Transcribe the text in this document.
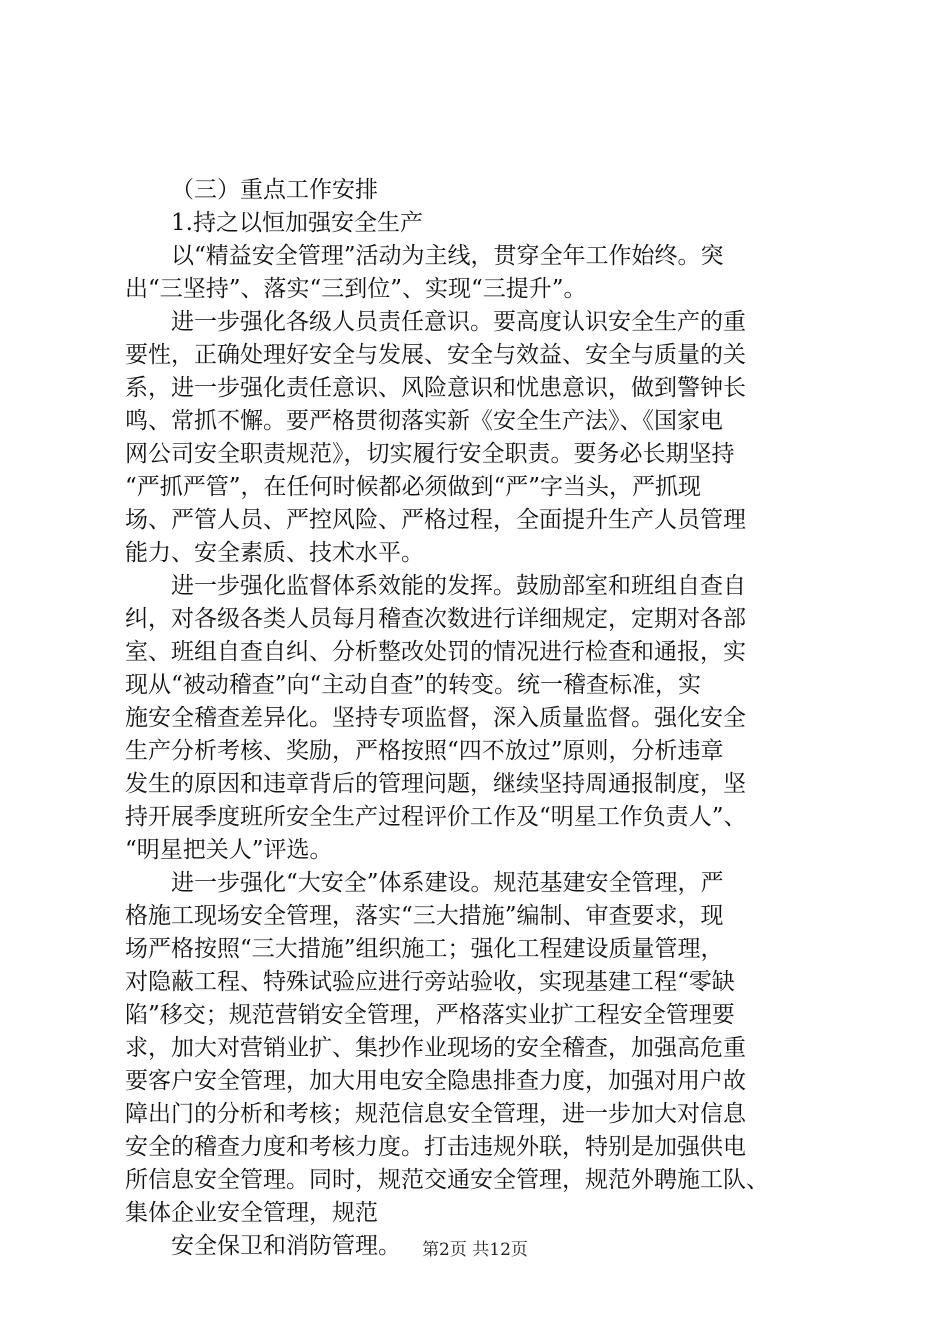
（三）重点工作安排
1.持之以恒加强安全生产
以“精益安全管理”活动为主线，贯穿全年工作始终。突
出“三坚持”、落实“三到位”、实现“三提升”。
进一步强化各级人员责任意识。要高度认识安全生产的重
要性，正确处理好安全与发展、安全与效益、安全与质量的关
系，进一步强化责任意识、风险意识和忧患意识，做到警钟长
鸣、常抓不懈。要严格贯彻落实新《安全生产法》、《国家电
网公司安全职责规范》，切实履行安全职责。要务必长期坚持
“严抓严管”，在任何时候都必须做到“严”字当头，严抓现
场、严管人员、严控风险、严格过程，全面提升生产人员管理
能力、安全素质、技术水平。
进一步强化监督体系效能的发挥。鼓励部室和班组自查自
纠，对各级各类人员每月稽查次数进行详细规定，定期对各部
室、班组自查自纠、分析整改处罚的情况进行检查和通报，实
现从“被动稽查”向“主动自查”的转变。统一稽查标准，实
施安全稽查差异化。坚持专项监督，深入质量监督。强化安全
生产分析考核、奖励，严格按照“四不放过”原则，分析违章
发生的原因和违章背后的管理问题，继续坚持周通报制度，坚
持开展季度班所安全生产过程评价工作及“明星工作负责人”、
“明星把关人”评选。
进一步强化“大安全”体系建设。规范基建安全管理，严
格施工现场安全管理，落实“三大措施”编制、审查要求，现
场严格按照“三大措施”组织施工；强化工程建设质量管理，
对隐蔽工程、特殊试验应进行旁站验收，实现基建工程“零缺
陷”移交；规范营销安全管理，严格落实业扩工程安全管理要
求，加大对营销业扩、集抄作业现场的安全稽查，加强高危重
要客户安全管理，加大用电安全隐患排查力度，加强对用户故
障出门的分析和考核；规范信息安全管理，进一步加大对信息
安全的稽查力度和考核力度。打击违规外联，特别是加强供电
所信息安全管理。同时，规范交通安全管理，规范外聘施工队、
集体企业安全管理，规范
安全保卫和消防管理。	第2页 共12页
